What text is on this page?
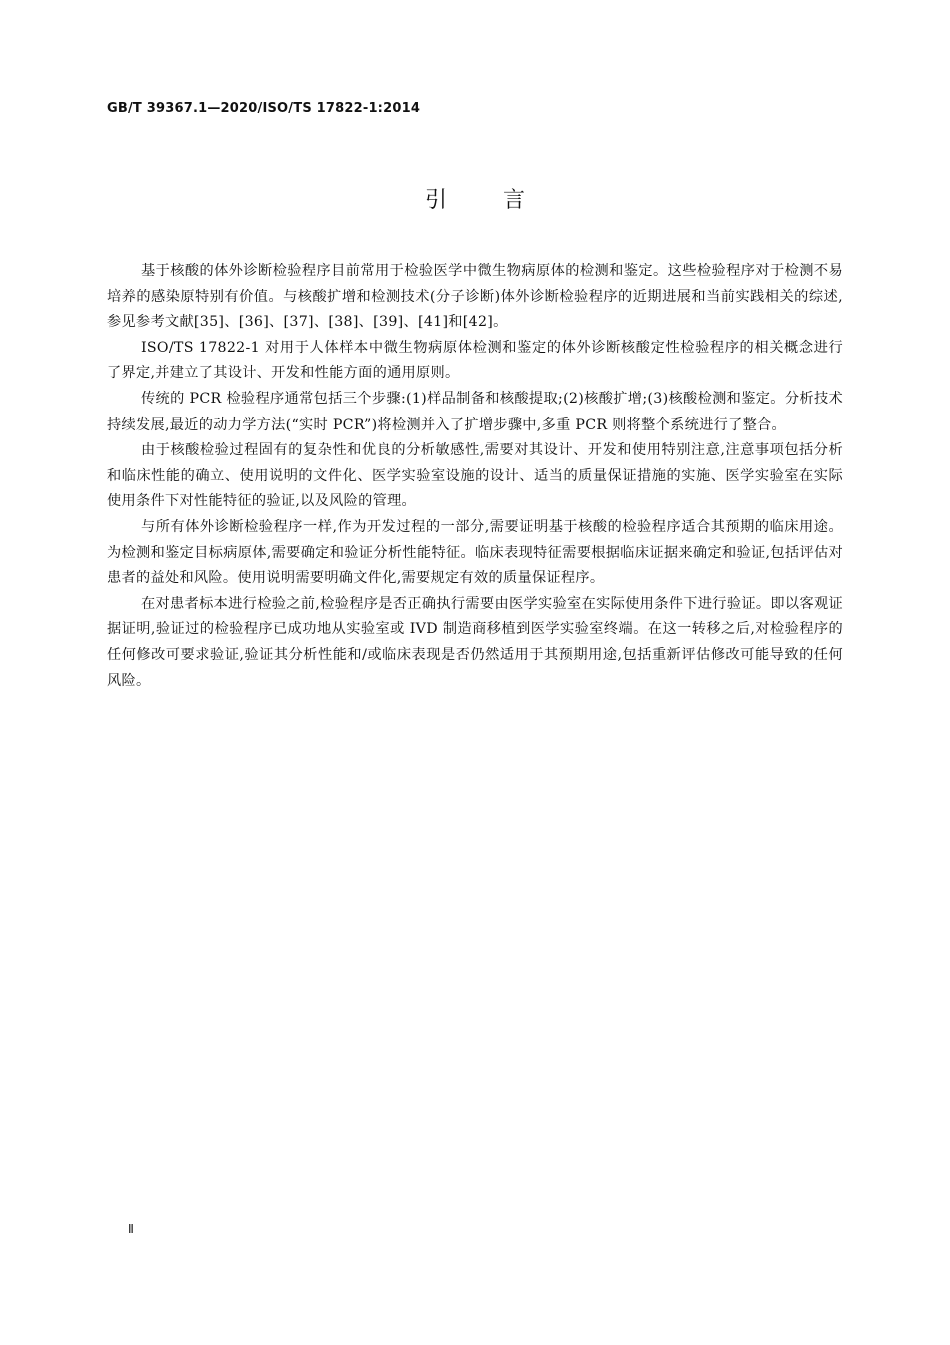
GB/T 39367.1—2020/ISO/TS 17822-1:2014
引言

基于核酸的体外诊断检验程序目前常用于检验医学中微生物病原体的检测和鉴定。这些检验程序对于检测不易培养的感染原特别有价值。与核酸扩增和检测技术(分子诊断)体外诊断检验程序的近期进展和当前实践相关的综述,参见参考文献[35]、[36]、[37]、[38]、[39]、[41]和[42]。

ISO/TS 17822-1 对用于人体样本中微生物病原体检测和鉴定的体外诊断核酸定性检验程序的相关概念进行了界定,并建立了其设计、开发和性能方面的通用原则。

传统的 PCR 检验程序通常包括三个步骤:(1)样品制备和核酸提取;(2)核酸扩增;(3)核酸检测和鉴定。分析技术持续发展,最近的动力学方法(“实时 PCR”)将检测并入了扩增步骤中,多重 PCR 则将整个系统进行了整合。

由于核酸检验过程固有的复杂性和优良的分析敏感性,需要对其设计、开发和使用特别注意,注意事项包括分析和临床性能的确立、使用说明的文件化、医学实验室设施的设计、适当的质量保证措施的实施、医学实验室在实际使用条件下对性能特征的验证,以及风险的管理。

与所有体外诊断检验程序一样,作为开发过程的一部分,需要证明基于核酸的检验程序适合其预期的临床用途。为检测和鉴定目标病原体,需要确定和验证分析性能特征。临床表现特征需要根据临床证据来确定和验证,包括评估对患者的益处和风险。使用说明需要明确文件化,需要规定有效的质量保证程序。

在对患者标本进行检验之前,检验程序是否正确执行需要由医学实验室在实际使用条件下进行验证。即以客观证据证明,验证过的检验程序已成功地从实验室或 IVD 制造商移植到医学实验室终端。在这一转移之后,对检验程序的任何修改可要求验证,验证其分析性能和/或临床表现是否仍然适用于其预期用途,包括重新评估修改可能导致的任何风险。

Ⅱ
